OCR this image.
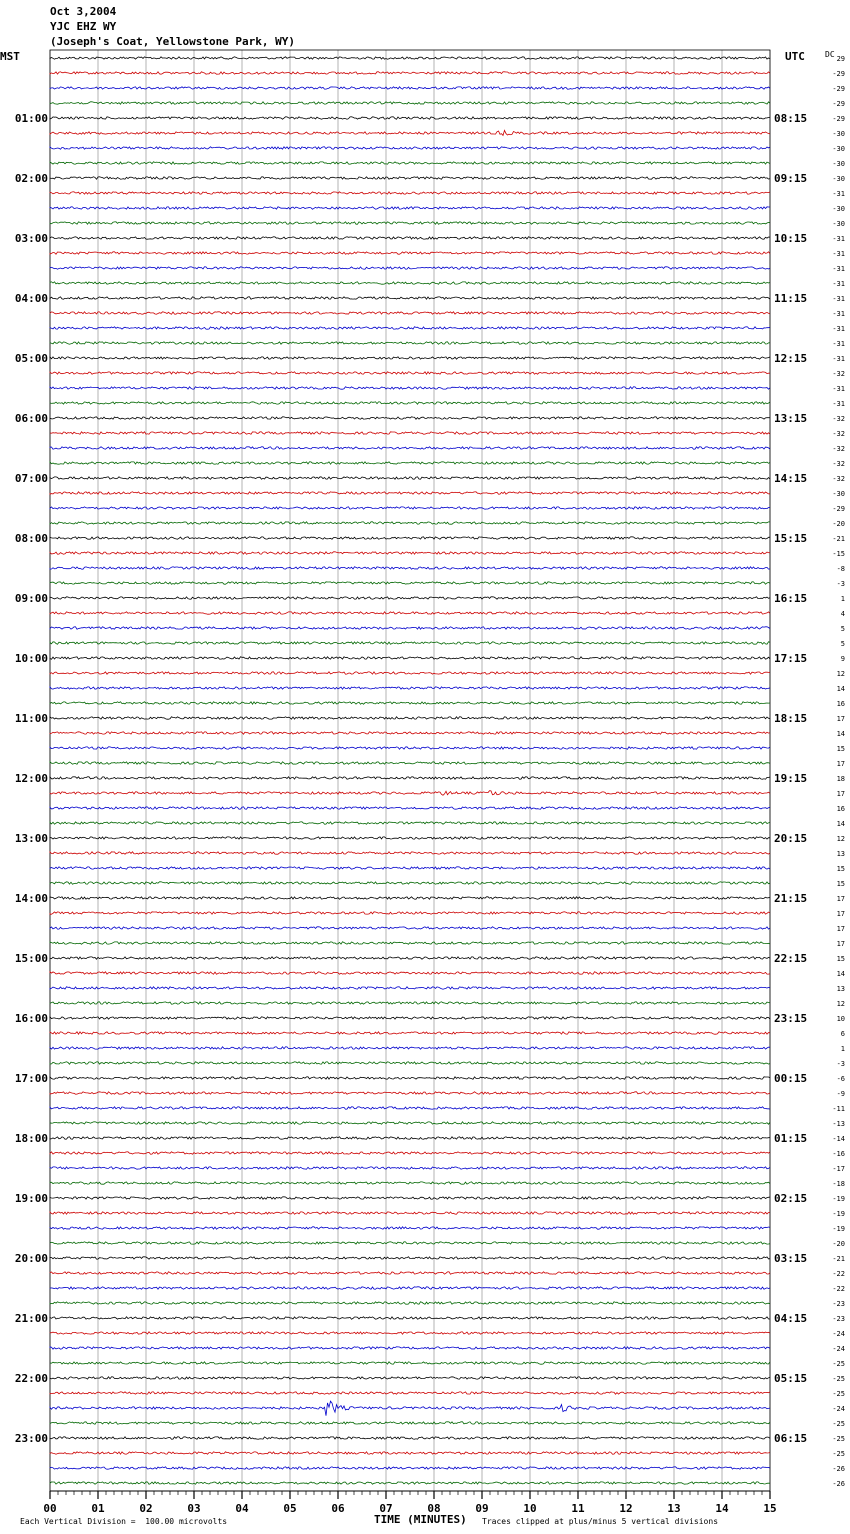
Oct 3,2004
YJC EHZ WY
(Joseph's Coat, Yellowstone Park, WY)
MST	UTC	DC 29
-29
-29
-29
-29
-30
-30
-30
-30
-31
-30
-30
-31
-31
-31
-31
-31
-31
-31
-31
-31
-32
-31
-31
-32
-32
-32
-32
-32
-30
-29
-20
-21
-15
-8
-3
1
4
5
5
9
12
14
16
17
14
15
17
18
17
16
14
12
13
15
15
17
17
17
17
15
14
13
12
10
6
1
-3
-6
-9
-11
-13
-14
-16
-17
-18
-19
-19
-19
-20
-21
-22
-22
-23
-23
-24
-24
-25
-25
-25
-24
-25
-25
-25
-26
-26
01:00
02:00
03:00
04:00
05:00
06:00
07:00
08:00
09:00
10:00
11:00
12:00
13:00
14:00
15:00
16:00
17:00
18:00
19:00
20:00
21:00
22:00
23:00
08:15
09:15
10:15
11:15
12:15
13:15
14:15
15:15
16:15
17:15
18:15
19:15
20:15
21:15
22:15
23:15
00:15
01:15
02:15
03:15
04:15
05:15
06:15
00	01	02	03	04	05	06	07	08	09	10	11	12	13	14	15
Each Vertical Division =  100.00 microvolts	TIME (MINUTES) Traces clipped at plus/minus 5 vertical divisions
